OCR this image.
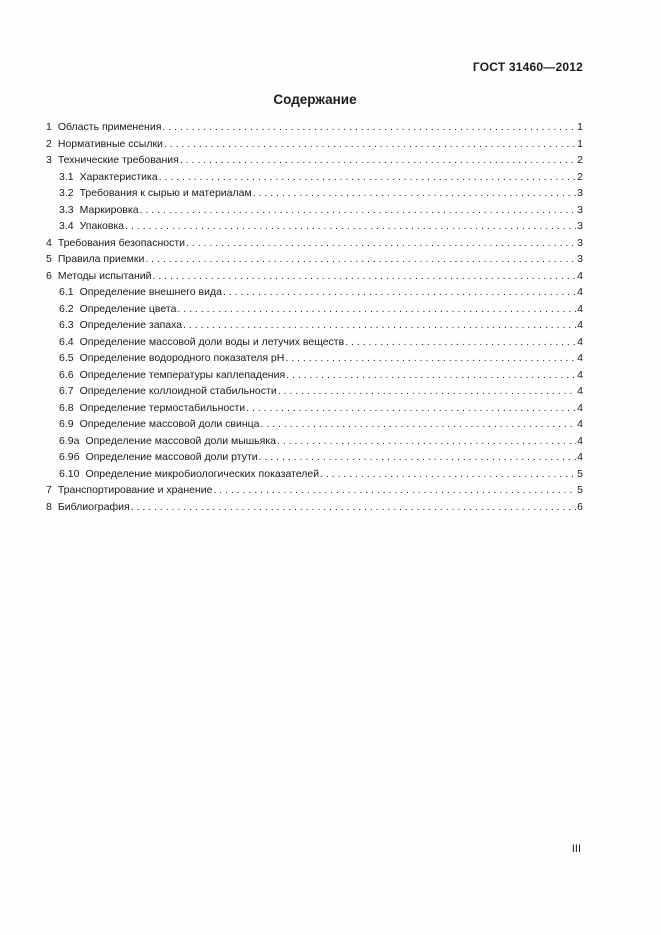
ГОСТ 31460—2012
Содержание
1 Область применения . . .	1
2 Нормативные ссылки . . .	1
3 Технические требования . . .	2
3.1 Характеристика . . .	2
3.2 Требования к сырью и материалам . . .	3
3.3 Маркировка . . .	3
3.4 Упаковка . . .	3
4 Требования безопасности . . .	3
5 Правила приемки . . .	3
6 Методы испытаний . . .	4
6.1 Определение внешнего вида . . .	4
6.2 Определение цвета . . .	4
6.3 Определение запаха . . .	4
6.4 Определение массовой доли воды и летучих веществ . . .	4
6.5 Определение водородного показателя рН . . .	4
6.6 Определение температуры каплепадения . . .	4
6.7 Определение коллоидной стабильности . . .	4
6.8 Определение термостабильности . . .	4
6.9 Определение массовой доли свинца . . .	4
6.9а Определение массовой доли мышьяка . . .	4
6.9б Определение массовой доли ртути . . .	4
6.10 Определение микробиологических показателей . . .	5
7 Транспортирование и хранение . . .	5
8 Библиография . . .	6
III
